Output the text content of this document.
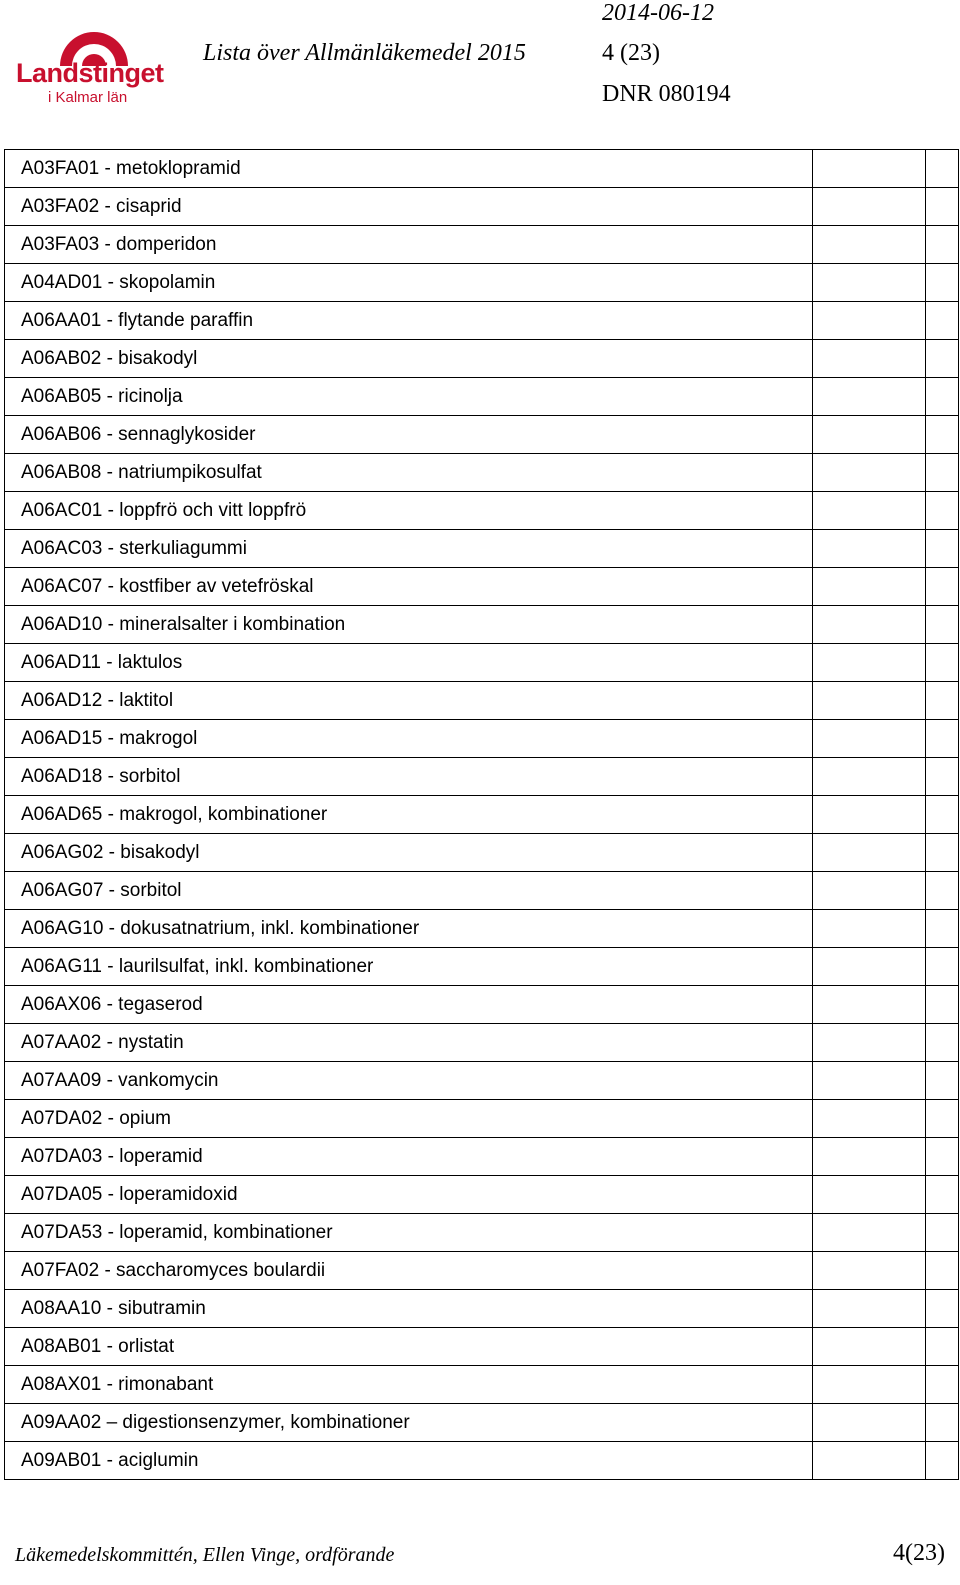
Landstinget
i Kalmar län
2014-06-12
Lista över Allmänläkemedel 2015	4 (23)
DNR 080194
A03FA01 - metoklopramid		
A03FA02 - cisaprid		
A03FA03 - domperidon		
A04AD01 - skopolamin		
A06AA01 - flytande paraffin		
A06AB02 - bisakodyl		
A06AB05 - ricinolja		
A06AB06 - sennaglykosider		
A06AB08 - natriumpikosulfat		
A06AC01 - loppfrö och vitt loppfrö		
A06AC03 - sterkuliagummi		
A06AC07 - kostfiber av vetefröskal		
A06AD10 - mineralsalter i kombination		
A06AD11 - laktulos		
A06AD12 - laktitol		
A06AD15 - makrogol		
A06AD18 - sorbitol		
A06AD65 - makrogol, kombinationer		
A06AG02 - bisakodyl		
A06AG07 - sorbitol		
A06AG10 - dokusatnatrium, inkl. kombinationer		
A06AG11 - laurilsulfat, inkl. kombinationer		
A06AX06 - tegaserod		
A07AA02 - nystatin		
A07AA09 - vankomycin		
A07DA02 - opium		
A07DA03 - loperamid		
A07DA05 - loperamidoxid		
A07DA53 - loperamid, kombinationer		
A07FA02 - saccharomyces boulardii		
A08AA10 - sibutramin		
A08AB01 - orlistat		
A08AX01 - rimonabant		
A09AA02 – digestionsenzymer, kombinationer		
A09AB01 - aciglumin		
Läkemedelskommittén, Ellen Vinge, ordförande	4(23)
